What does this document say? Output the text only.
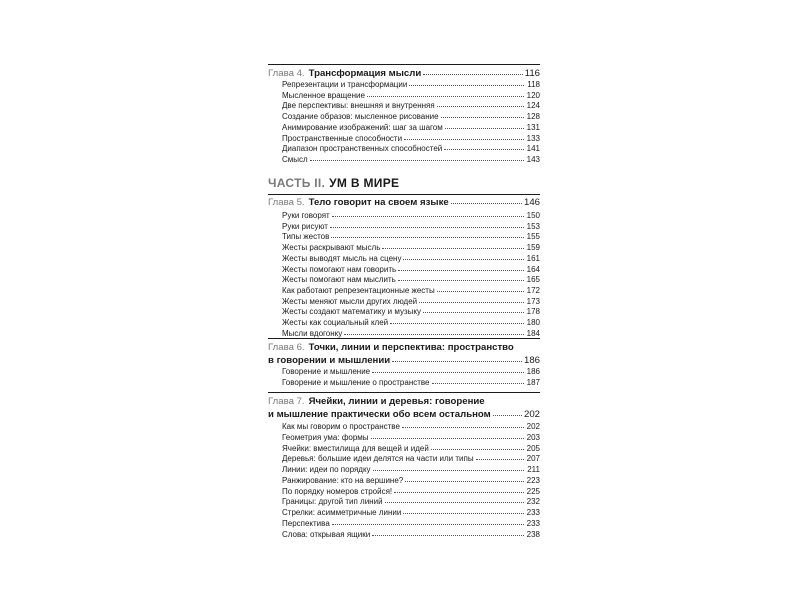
Глава 4. Трансформация мысли	116
Репрезентации и трансформации	118
Мысленное вращение	120
Две перспективы: внешняя и внутренняя	124
Создание образов: мысленное рисование	128
Анимирование изображений: шаг за шагом	131
Пространственные способности	133
Диапазон пространственных способностей	141
Смысл	143
ЧАСТЬ II. УМ В МИРЕ
Глава 5. Тело говорит на своем языке	146
Руки говорят	150
Руки рисуют	153
Типы жестов	155
Жесты раскрывают мысль	159
Жесты выводят мысль на сцену	161
Жесты помогают нам говорить	164
Жесты помогают нам мыслить	165
Как работают репрезентационные жесты	172
Жесты меняют мысли других людей	173
Жесты создают математику и музыку	178
Жесты как социальный клей	180
Мысли вдогонку	184
Глава 6. Точки, линии и перспектива: пространство
в говорении и мышлении	186
Говорение и мышление	186
Говорение и мышление о пространстве	187
Глава 7. Ячейки, линии и деревья: говорение
и мышление практически обо всем остальном	202
Как мы говорим о пространстве	202
Геометрия ума: формы	203
Ячейки: вместилища для вещей и идей	205
Деревья: большие идеи делятся на части или типы	207
Линии: идеи по порядку	211
Ранжирование: кто на вершине?	223
По порядку номеров стройся!	225
Границы: другой тип линий	232
Стрелки: асимметричные линии	233
Перспектива	233
Слова: открывая ящики	238
